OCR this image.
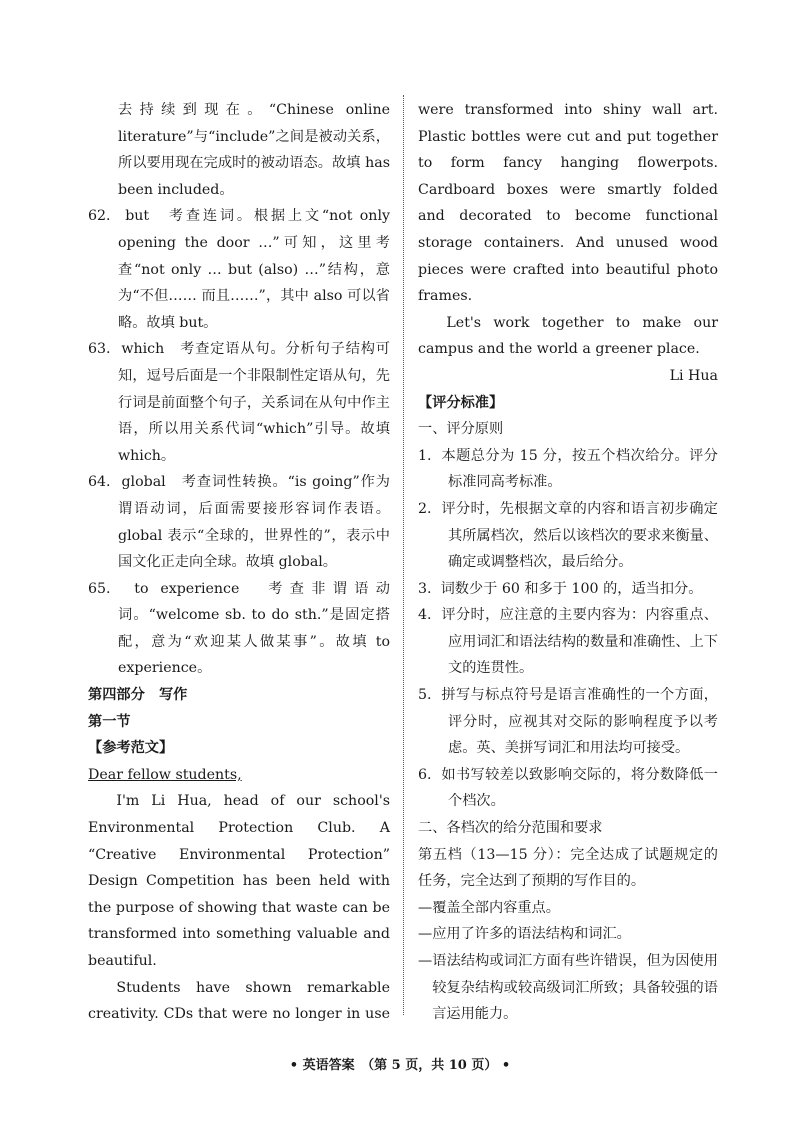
去持续到现在。“Chinese online literature”与“include”之间是被动关系，所以要用现在完成时的被动语态。故填 has been included。

62. but　考查连词。根据上文“not only opening the door …”可知，这里考查“not only … but (also) …”结构，意为“不但…… 而且……”，其中 also 可以省略。故填 but。

63. which　考查定语从句。分析句子结构可知，逗号后面是一个非限制性定语从句，先行词是前面整个句子，关系词在从句中作主语，所以用关系代词“which”引导。故填 which。

64. global　考查词性转换。“is going”作为谓语动词，后面需要接形容词作表语。global 表示“全球的，世界性的”，表示中国文化正走向全球。故填 global。

65. to experience　考查非谓语动词。“welcome sb. to do sth.”是固定搭配，意为“欢迎某人做某事”。故填 to experience。

第四部分　写作

第一节

【参考范文】

Dear fellow students,

I'm Li Hua, head of our school's Environmental Protection Club. A “Creative Environmental Protection” Design Competition has been held with the purpose of showing that waste can be transformed into something valuable and beautiful.

Students have shown remarkable creativity. CDs that were no longer in use

were transformed into shiny wall art. Plastic bottles were cut and put together to form fancy hanging flowerpots. Cardboard boxes were smartly folded and decorated to become functional storage containers. And unused wood pieces were crafted into beautiful photo frames.

Let's work together to make our campus and the world a greener place.

Li Hua

【评分标准】

一、评分原则

1. 本题总分为 15 分，按五个档次给分。评分标准同高考标准。

2. 评分时，先根据文章的内容和语言初步确定其所属档次，然后以该档次的要求来衡量、确定或调整档次，最后给分。

3. 词数少于 60 和多于 100 的，适当扣分。

4. 评分时，应注意的主要内容为：内容重点、应用词汇和语法结构的数量和准确性、上下文的连贯性。

5. 拼写与标点符号是语言准确性的一个方面，评分时，应视其对交际的影响程度予以考虑。英、美拼写词汇和用法均可接受。

6. 如书写较差以致影响交际的，将分数降低一个档次。

二、各档次的给分范围和要求

第五档（13—15 分）：完全达成了试题规定的任务，完全达到了预期的写作目的。

—覆盖全部内容重点。

—应用了许多的语法结构和词汇。

—语法结构或词汇方面有些许错误，但为因使用较复杂结构或较高级词汇所致；具备较强的语言运用能力。

• 英语答案　（第 5 页，共 10 页） •
